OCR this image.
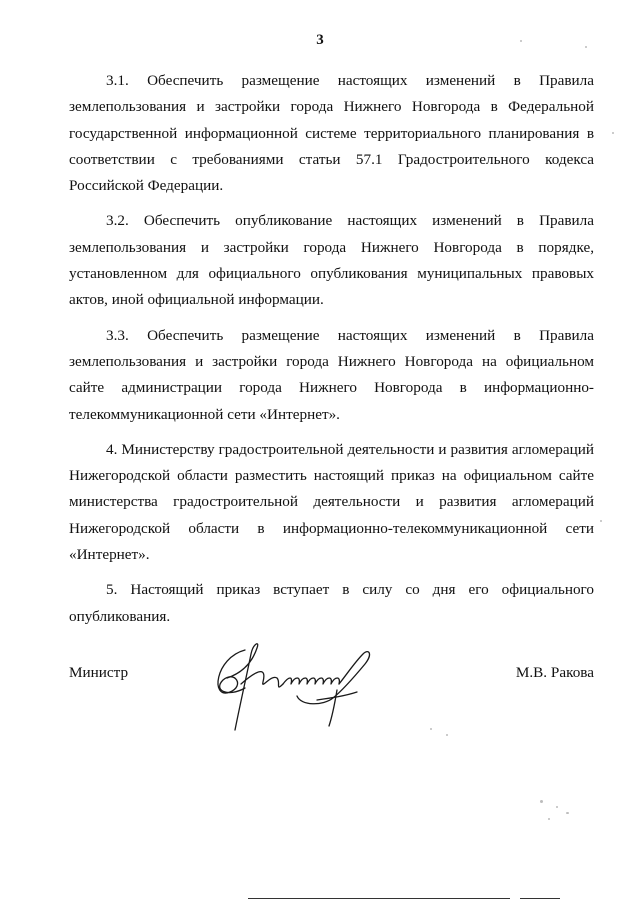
3

3.1. Обеспечить размещение настоящих изменений в Правила землепользования и застройки города Нижнего Новгорода в Федеральной государственной информационной системе территориального планирования в соответствии с требованиями статьи 57.1 Градостроительного кодекса Российской Федерации.

3.2. Обеспечить опубликование настоящих изменений в Правила землепользования и застройки города Нижнего Новгорода в порядке, установленном для официального опубликования муниципальных правовых актов, иной официальной информации.

3.3. Обеспечить размещение настоящих изменений в Правила землепользования и застройки города Нижнего Новгорода на официальном сайте администрации города Нижнего Новгорода в информационно-телекоммуникационной сети «Интернет».

4. Министерству градостроительной деятельности и развития агломераций Нижегородской области разместить настоящий приказ на официальном сайте министерства градостроительной деятельности и развития агломераций Нижегородской области в информационно-телекоммуникационной сети «Интернет».

5. Настоящий приказ вступает в силу со дня его официального опубликования.

Министр	М.В. Ракова
